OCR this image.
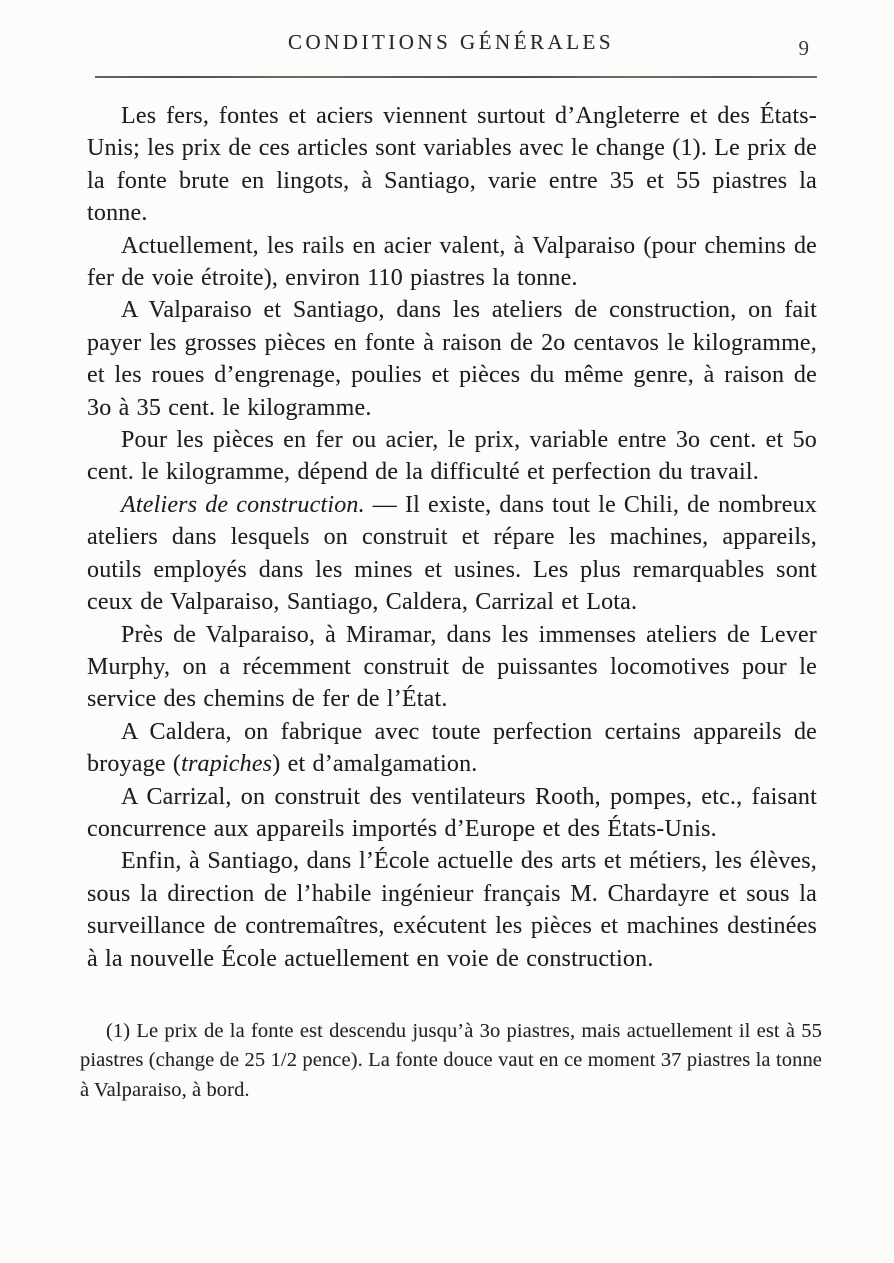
CONDITIONS GÉNÉRALES	9

Les fers, fontes et aciers viennent surtout d’Angleterre et des États-Unis; les prix de ces articles sont variables avec le change (1). Le prix de la fonte brute en lingots, à Santiago, varie entre 35 et 55 piastres la tonne.

Actuellement, les rails en acier valent, à Valparaiso (pour chemins de fer de voie étroite), environ 110 piastres la tonne.

A Valparaiso et Santiago, dans les ateliers de construction, on fait payer les grosses pièces en fonte à raison de 2o centavos le kilogramme, et les roues d’engrenage, poulies et pièces du même genre, à raison de 3o à 35 cent. le kilogramme.

Pour les pièces en fer ou acier, le prix, variable entre 3o cent. et 5o cent. le kilogramme, dépend de la difficulté et perfection du travail.

Ateliers de construction. — Il existe, dans tout le Chili, de nombreux ateliers dans lesquels on construit et répare les machines, appareils, outils employés dans les mines et usines. Les plus remarquables sont ceux de Valparaiso, Santiago, Caldera, Carrizal et Lota.

Près de Valparaiso, à Miramar, dans les immenses ateliers de Lever Murphy, on a récemment construit de puissantes locomotives pour le service des chemins de fer de l’État.

A Caldera, on fabrique avec toute perfection certains appareils de broyage (trapiches) et d’amalgamation.

A Carrizal, on construit des ventilateurs Rooth, pompes, etc., faisant concurrence aux appareils importés d’Europe et des États-Unis.

Enfin, à Santiago, dans l’École actuelle des arts et métiers, les élèves, sous la direction de l’habile ingénieur français M. Chardayre et sous la surveillance de contremaîtres, exécutent les pièces et machines destinées à la nouvelle École actuellement en voie de construction.

(1) Le prix de la fonte est descendu jusqu’à 3o piastres, mais actuellement il est à 55 piastres (change de 25 1/2 pence). La fonte douce vaut en ce moment 37 piastres la tonne à Valparaiso, à bord.
